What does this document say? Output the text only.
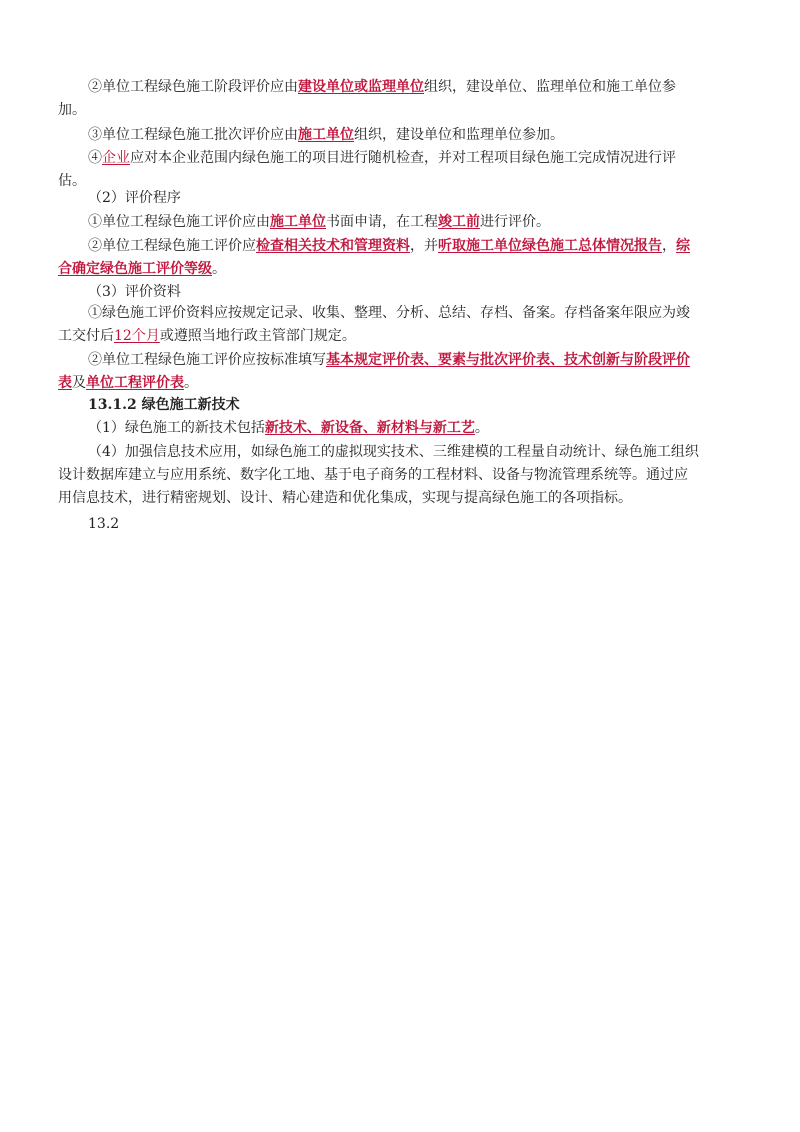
②单位工程绿色施工阶段评价应由建设单位或监理单位组织，建设单位、监理单位和施工单位参
加。

③单位工程绿色施工批次评价应由施工单位组织，建设单位和监理单位参加。

④企业应对本企业范围内绿色施工的项目进行随机检查，并对工程项目绿色施工完成情况进行评
估。

（2）评价程序

①单位工程绿色施工评价应由施工单位书面申请，在工程竣工前进行评价。

②单位工程绿色施工评价应检查相关技术和管理资料，并听取施工单位绿色施工总体情况报告，综
合确定绿色施工评价等级。

（3）评价资料

①绿色施工评价资料应按规定记录、收集、整理、分析、总结、存档、备案。存档备案年限应为竣
工交付后12个月或遵照当地行政主管部门规定。

②单位工程绿色施工评价应按标准填写基本规定评价表、要素与批次评价表、技术创新与阶段评价
表及单位工程评价表。

13.1.2 绿色施工新技术

（1）绿色施工的新技术包括新技术、新设备、新材料与新工艺。

（4）加强信息技术应用，如绿色施工的虚拟现实技术、三维建模的工程量自动统计、绿色施工组织
设计数据库建立与应用系统、数字化工地、基于电子商务的工程材料、设备与物流管理系统等。通过应
用信息技术，进行精密规划、设计、精心建造和优化集成，实现与提高绿色施工的各项指标。

13.2
